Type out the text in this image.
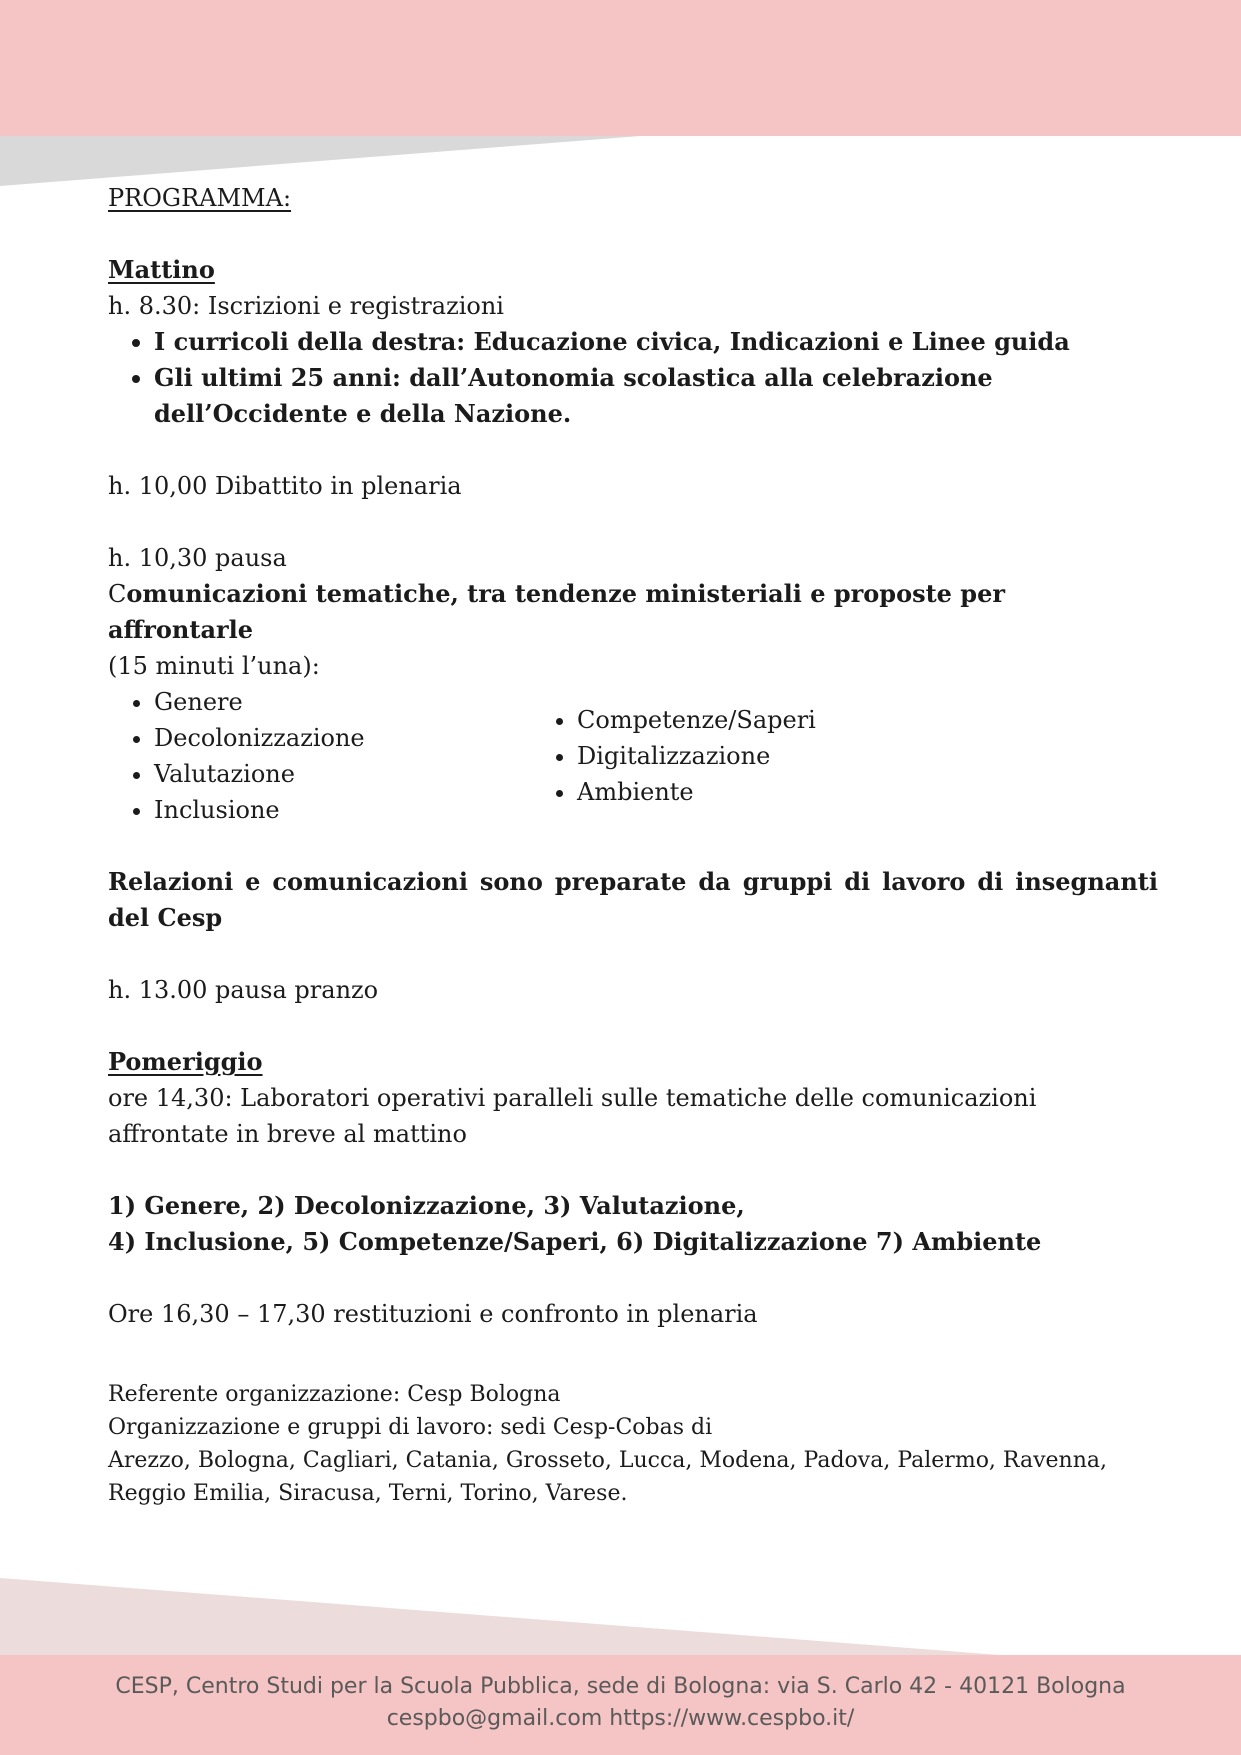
PROGRAMMA:

Mattino

h. 8.30: Iscrizioni e registrazioni

• I curricoli della destra: Educazione civica, Indicazioni e Linee guida
• Gli ultimi 25 anni: dall’Autonomia scolastica alla celebrazione dell’Occidente e della Nazione.

h. 10,00 Dibattito in plenaria

h. 10,30 pausa

Comunicazioni tematiche, tra tendenze ministeriali e proposte per affrontarle

(15 minuti l’una):

• Genere
• Decolonizzazione
• Valutazione
• Inclusione
• Competenze/Saperi
• Digitalizzazione
• Ambiente

Relazioni e comunicazioni sono preparate da gruppi di lavoro di insegnanti del Cesp

h. 13.00 pausa pranzo

Pomeriggio

ore 14,30: Laboratori operativi paralleli sulle tematiche delle comunicazioni affrontate in breve al mattino

1) Genere, 2) Decolonizzazione, 3) Valutazione,

4) Inclusione, 5) Competenze/Saperi, 6) Digitalizzazione 7) Ambiente

Ore 16,30 – 17,30 restituzioni e confronto in plenaria

________________________________________________________________

Referente organizzazione: Cesp Bologna

Organizzazione e gruppi di lavoro: sedi Cesp-Cobas di

Arezzo, Bologna, Cagliari, Catania, Grosseto, Lucca, Modena, Padova, Palermo, Ravenna, Reggio Emilia, Siracusa, Terni, Torino, Varese.

________________________________________________________________

CESP, Centro Studi per la Scuola Pubblica, sede di Bologna: via S. Carlo 42 - 40121 Bologna
cespbo@gmail.com https://www.cespbo.it/
